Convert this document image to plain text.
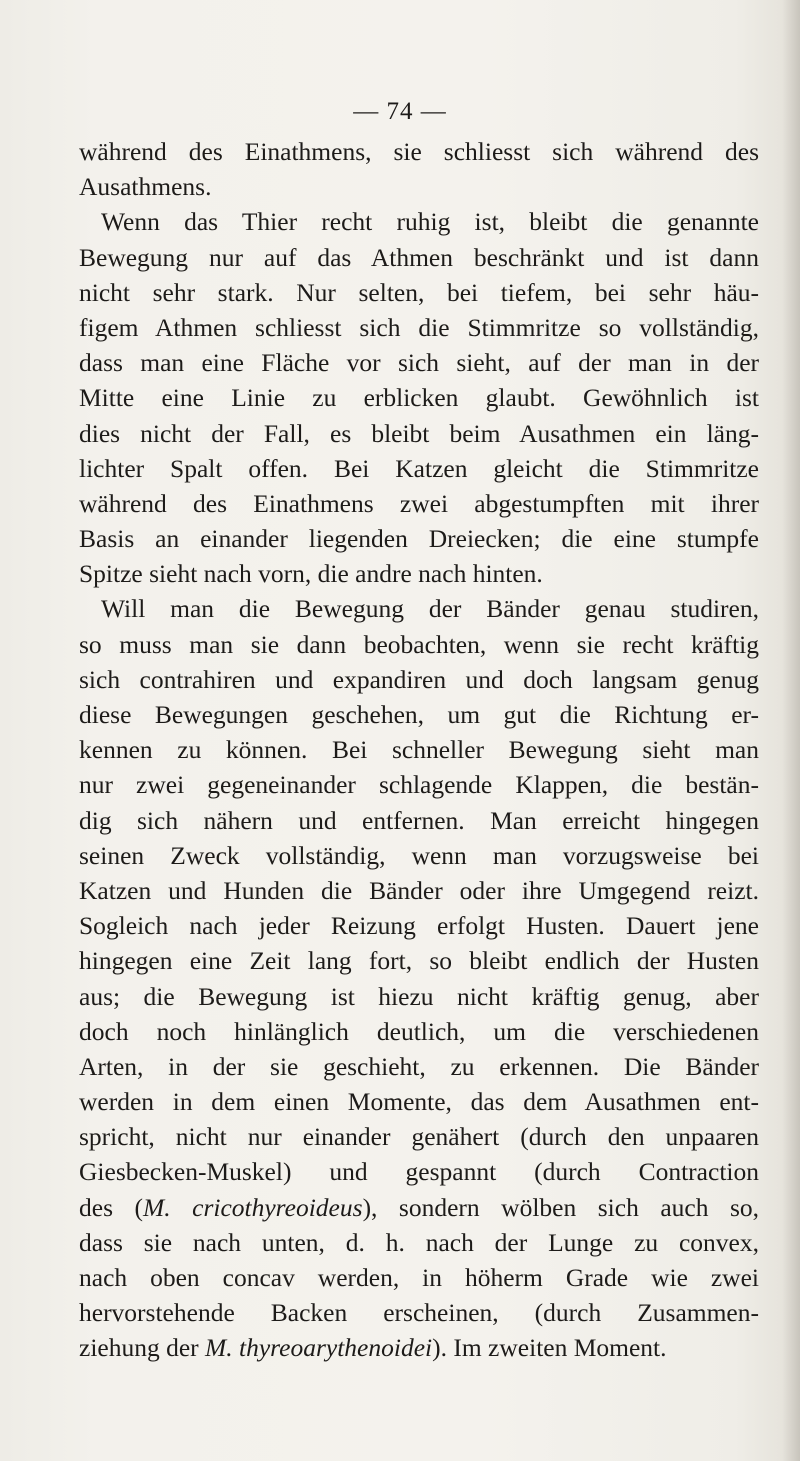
— 74 —
während des Einathmens, sie schliesst sich während des
Ausathmens.
Wenn das Thier recht ruhig ist, bleibt die genannte
Bewegung nur auf das Athmen beschränkt und ist dann
nicht sehr stark. Nur selten, bei tiefem, bei sehr häu-
figem Athmen schliesst sich die Stimmritze so vollständig,
dass man eine Fläche vor sich sieht, auf der man in der
Mitte eine Linie zu erblicken glaubt. Gewöhnlich ist
dies nicht der Fall, es bleibt beim Ausathmen ein läng-
lichter Spalt offen. Bei Katzen gleicht die Stimmritze
während des Einathmens zwei abgestumpften mit ihrer
Basis an einander liegenden Dreiecken; die eine stumpfe
Spitze sieht nach vorn, die andre nach hinten.
Will man die Bewegung der Bänder genau studiren,
so muss man sie dann beobachten, wenn sie recht kräftig
sich contrahiren und expandiren und doch langsam genug
diese Bewegungen geschehen, um gut die Richtung er-
kennen zu können. Bei schneller Bewegung sieht man
nur zwei gegeneinander schlagende Klappen, die bestän-
dig sich nähern und entfernen. Man erreicht hingegen
seinen Zweck vollständig, wenn man vorzugsweise bei
Katzen und Hunden die Bänder oder ihre Umgegend reizt.
Sogleich nach jeder Reizung erfolgt Husten. Dauert jene
hingegen eine Zeit lang fort, so bleibt endlich der Husten
aus; die Bewegung ist hiezu nicht kräftig genug, aber
doch noch hinlänglich deutlich, um die verschiedenen
Arten, in der sie geschieht, zu erkennen. Die Bänder
werden in dem einen Momente, das dem Ausathmen ent-
spricht, nicht nur einander genähert (durch den unpaaren
Giesbecken-Muskel) und gespannt (durch Contraction
des (M. cricothyreoideus), sondern wölben sich auch so,
dass sie nach unten, d. h. nach der Lunge zu convex,
nach oben concav werden, in höherm Grade wie zwei
hervorstehende Backen erscheinen, (durch Zusammen-
ziehung der M. thyreoarythenoidei). Im zweiten Moment.
